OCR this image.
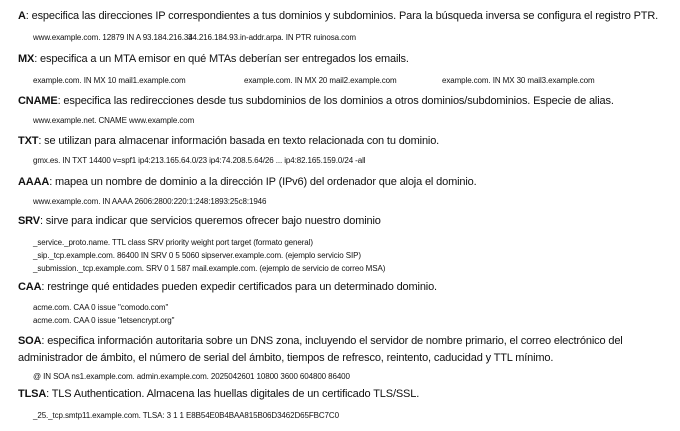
A: especifica las direcciones IP correspondientes a tus dominios y subdominios. Para la búsqueda inversa se configura el registro PTR.
www.example.com. 12879 IN A 93.184.216.34
34.216.184.93.in-addr.arpa. IN PTR ruinosa.com
MX: especifica a un MTA emisor en qué MTAs deberían ser entregados los emails.
example.com. IN MX 10 mail1.example.com	example.com. IN MX 20 mail2.example.com	example.com. IN MX 30 mail3.example.com
CNAME: especifica las redirecciones desde tus subdominios de los dominios a otros dominios/subdominios. Especie de alias.
www.example.net. CNAME www.example.com
TXT: se utilizan para almacenar información basada en texto relacionada con tu dominio.
gmx.es. IN TXT 14400 v=spf1 ip4:213.165.64.0/23 ip4:74.208.5.64/26 ... ip4:82.165.159.0/24 -all
AAAA: mapea un nombre de dominio a la dirección IP (IPv6) del ordenador que aloja el dominio.
www.example.com. IN AAAA 2606:2800:220:1:248:1893:25c8:1946
SRV: sirve para indicar que servicios queremos ofrecer bajo nuestro dominio
_service._proto.name. TTL class SRV priority weight port target (formato general)
_sip._tcp.example.com. 86400 IN SRV 0 5 5060 sipserver.example.com. (ejemplo servicio SIP)
_submission._tcp.example.com. SRV 0 1 587 mail.example.com. (ejemplo de servicio de correo MSA)
CAA: restringe qué entidades pueden expedir certificados para un determinado dominio.
acme.com. CAA 0 issue "comodo.com"
acme.com. CAA 0 issue "letsencrypt.org"
SOA: especifica información autoritaria sobre un DNS zona, incluyendo el servidor de nombre primario, el correo electrónico del administrador de ámbito, el número de serial del ámbito, tiempos de refresco, reintento, caducidad y TTL mínimo.
@ IN SOA ns1.example.com. admin.example.com. 2025042601 10800 3600 604800 86400
TLSA: TLS Authentication. Almacena las huellas digitales de un certificado TLS/SSL.
_25._tcp.smtp11.example.com. TLSA: 3 1 1 E8B54E0B4BAA815B06D3462D65FBC7C0
